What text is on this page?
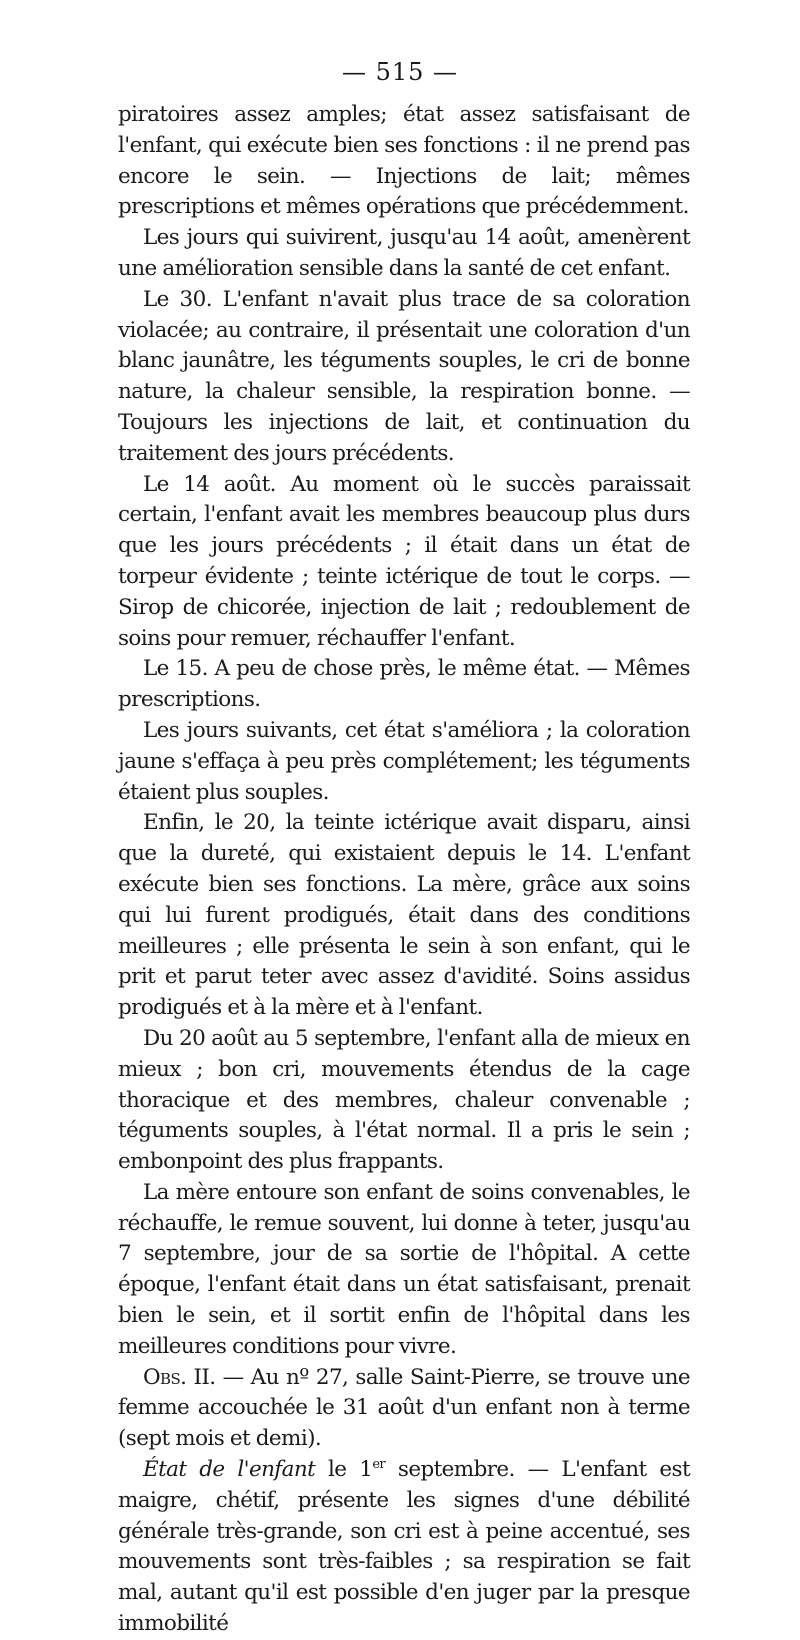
— 515 —

piratoires assez amples; état assez satisfaisant de l'enfant, qui exécute bien ses fonctions : il ne prend pas encore le sein. — Injections de lait; mêmes prescriptions et mêmes opérations que précédemment.

Les jours qui suivirent, jusqu'au 14 août, amenèrent une amélioration sensible dans la santé de cet enfant.

Le 30. L'enfant n'avait plus trace de sa coloration violacée; au contraire, il présentait une coloration d'un blanc jaunâtre, les téguments souples, le cri de bonne nature, la chaleur sensible, la respiration bonne. — Toujours les injections de lait, et continuation du traitement des jours précédents.

Le 14 août. Au moment où le succès paraissait certain, l'enfant avait les membres beaucoup plus durs que les jours précédents ; il était dans un état de torpeur évidente ; teinte ictérique de tout le corps. — Sirop de chicorée, injection de lait ; redoublement de soins pour remuer, réchauffer l'enfant.

Le 15. A peu de chose près, le même état. — Mêmes prescriptions.

Les jours suivants, cet état s'améliora ; la coloration jaune s'effaça à peu près complétement; les téguments étaient plus souples.

Enfin, le 20, la teinte ictérique avait disparu, ainsi que la dureté, qui existaient depuis le 14. L'enfant exécute bien ses fonctions. La mère, grâce aux soins qui lui furent prodigués, était dans des conditions meilleures ; elle présenta le sein à son enfant, qui le prit et parut teter avec assez d'avidité. Soins assidus prodigués et à la mère et à l'enfant.

Du 20 août au 5 septembre, l'enfant alla de mieux en mieux ; bon cri, mouvements étendus de la cage thoracique et des membres, chaleur convenable ; téguments souples, à l'état normal. Il a pris le sein ; embonpoint des plus frappants.

La mère entoure son enfant de soins convenables, le réchauffe, le remue souvent, lui donne à teter, jusqu'au 7 septembre, jour de sa sortie de l'hôpital. A cette époque, l'enfant était dans un état satisfaisant, prenait bien le sein, et il sortit enfin de l'hôpital dans les meilleures conditions pour vivre.

Obs. II. — Au nº 27, salle Saint-Pierre, se trouve une femme accouchée le 31 août d'un enfant non à terme (sept mois et demi).

État de l'enfant le 1er septembre. — L'enfant est maigre, chétif, présente les signes d'une débilité générale très-grande, son cri est à peine accentué, ses mouvements sont très-faibles ; sa respiration se fait mal, autant qu'il est possible d'en juger par la presque immobilité
